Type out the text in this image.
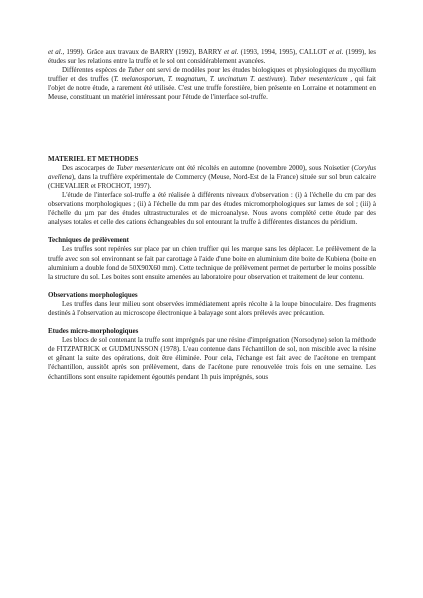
et al., 1999). Grâce aux travaux de BARRY (1992), BARRY et al. (1993, 1994, 1995), CALLOT et al. (1999), les études sur les relations entre la truffe et le sol ont considérablement avancées.

Différentes espèces de Tuber ont servi de modèles pour les études biologiques et physiologiques du mycélium truffier et des truffes (T. melanosporum, T. magnatum, T. uncinatum T. aestivum). Tuber mesentericum , qui fait l'objet de notre étude, a rarement été utilisée. C'est une truffe forestière, bien présente en Lorraine et notamment en Meuse, constituant un matériel intéressant pour l'étude de l'interface sol-truffe.

MATERIEL ET METHODES

Des ascocarpes de Tuber mesentericum ont été récoltés en automne (novembre 2000), sous Noisetier (Corylus avellena), dans la truffière expérimentale de Commercy (Meuse, Nord-Est de la France) située sur sol brun calcaire (CHEVALIER et FROCHOT, 1997).

L'étude de l'interface sol-truffe a été réalisée à différents niveaux d'observation : (i) à l'échelle du cm par des observations morphologiques ; (ii) à l'échelle du mm par des études micromorphologiques sur lames de sol ; (iii) à l'échelle du µm par des études ultrastructurales et de microanalyse. Nous avons complété cette étude par des analyses totales et celle des cations échangeables du sol entourant la truffe à différentes distances du péridium.

Techniques de prélèvement

Les truffes sont repérées sur place par un chien truffier qui les marque sans les déplacer. Le prélèvement de la truffe avec son sol environnant se fait par carottage à l'aide d'une boite en aluminium dite boite de Kubiena (boite en aluminium a double fond de 50X90X60 mm). Cette technique de prélèvement permet de perturber le moins possible la structure du sol. Les boites sont ensuite amenées au laboratoire pour observation et traitement de leur contenu.

Observations morphologiques

Les truffes dans leur milieu sont observées immédiatement après récolte à la loupe binoculaire. Des fragments destinés à l'observation au microscope électronique à balayage sont alors prélevés avec précaution.

Etudes micro-morphologiques

Les blocs de sol contenant la truffe sont imprégnés par une résine d'imprégnation (Norsodyne) selon la méthode de FITZPATRICK et GUDMUNSSON (1978). L'eau contenue dans l'échantillon de sol, non miscible avec la résine et gênant la suite des opérations, doit être éliminée. Pour cela, l'échange est fait avec de l'acétone en trempant l'échantillon, aussitôt après son prélèvement, dans de l'acétone pure renouvelée trois fois en une semaine. Les échantillons sont ensuite rapidement égouttés pendant 1h puis imprégnés, sous
